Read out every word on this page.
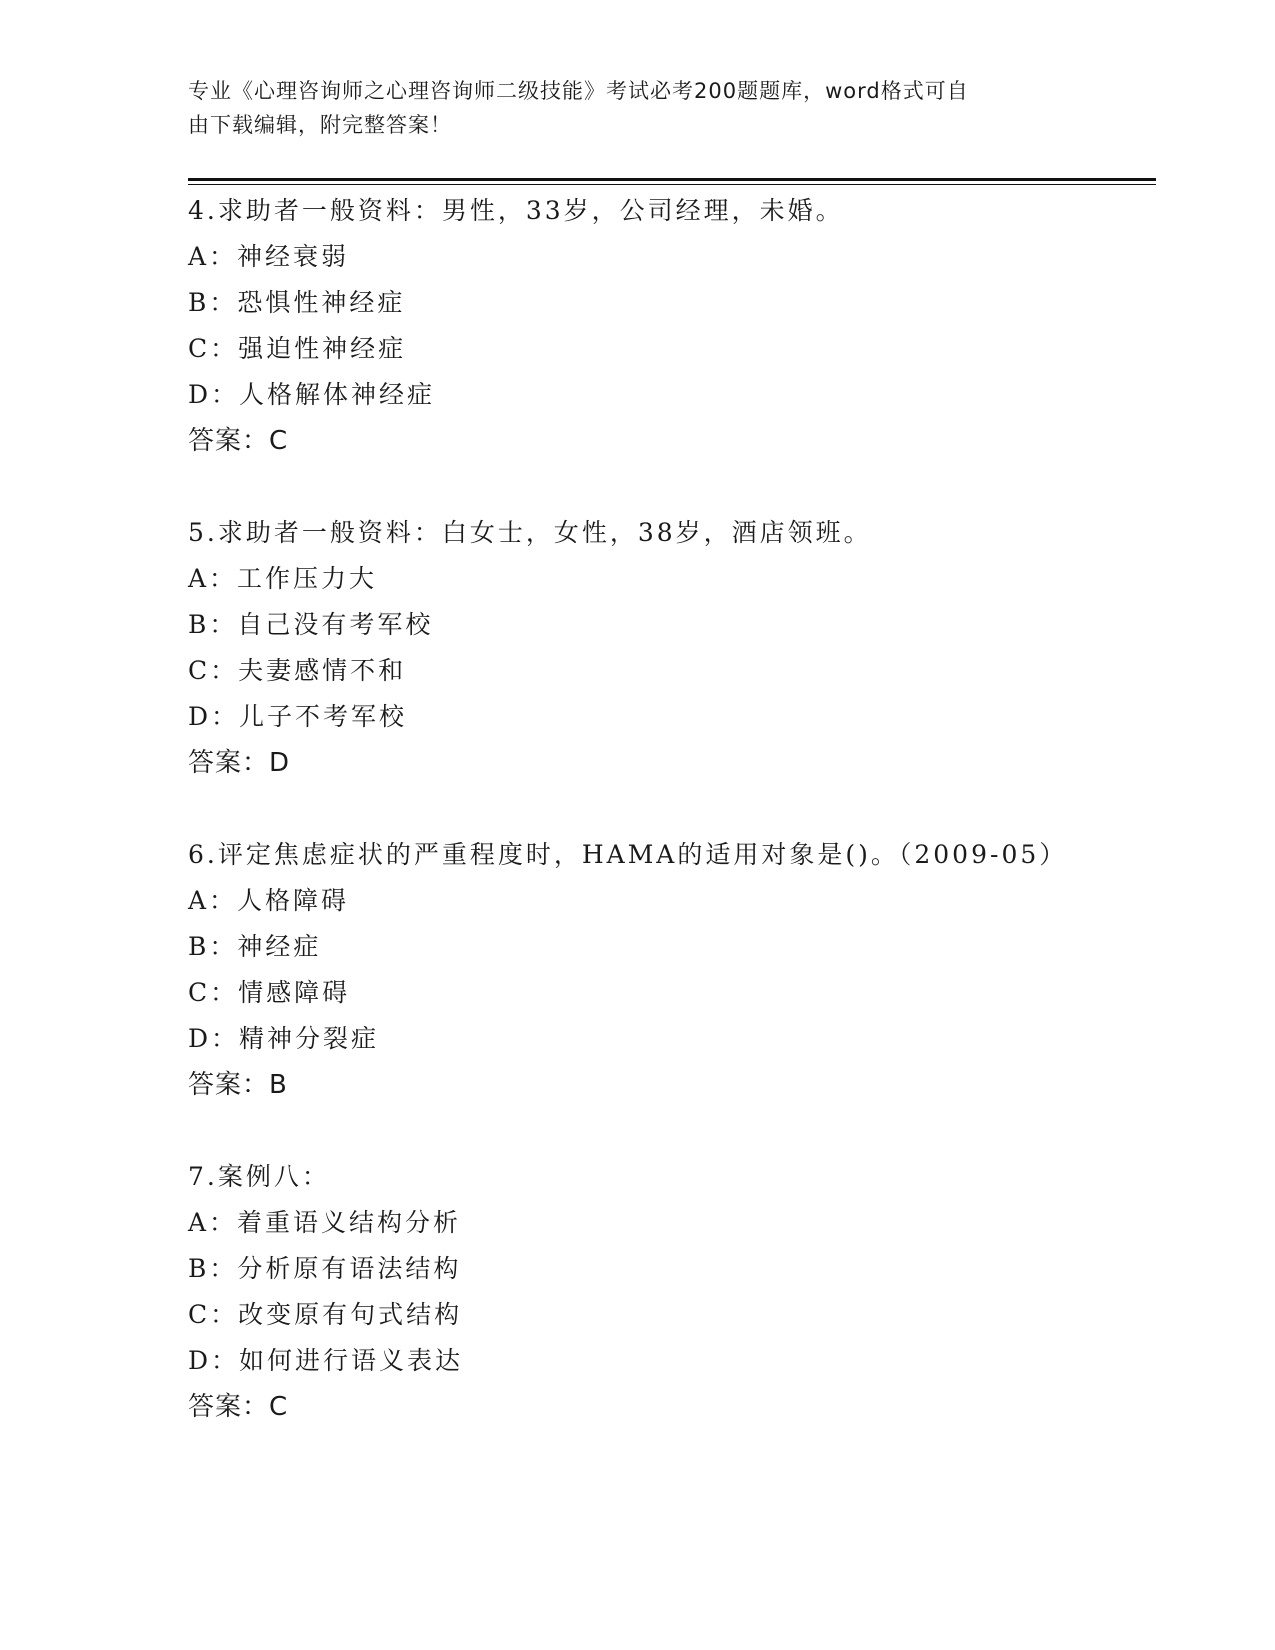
专业《心理咨询师之心理咨询师二级技能》考试必考200题题库，word格式可自
由下载编辑，附完整答案！
4.求助者一般资料：男性，33岁，公司经理，未婚。
A：神经衰弱
B：恐惧性神经症
C：强迫性神经症
D：人格解体神经症
答案：C
5.求助者一般资料：白女士，女性，38岁，酒店领班。
A：工作压力大
B：自己没有考军校
C：夫妻感情不和
D：儿子不考军校
答案：D
6.评定焦虑症状的严重程度时，HAMA的适用对象是()。（2009-05）
A：人格障碍
B：神经症
C：情感障碍
D：精神分裂症
答案：B
7.案例八：
A：着重语义结构分析
B：分析原有语法结构
C：改变原有句式结构
D：如何进行语义表达
答案：C
